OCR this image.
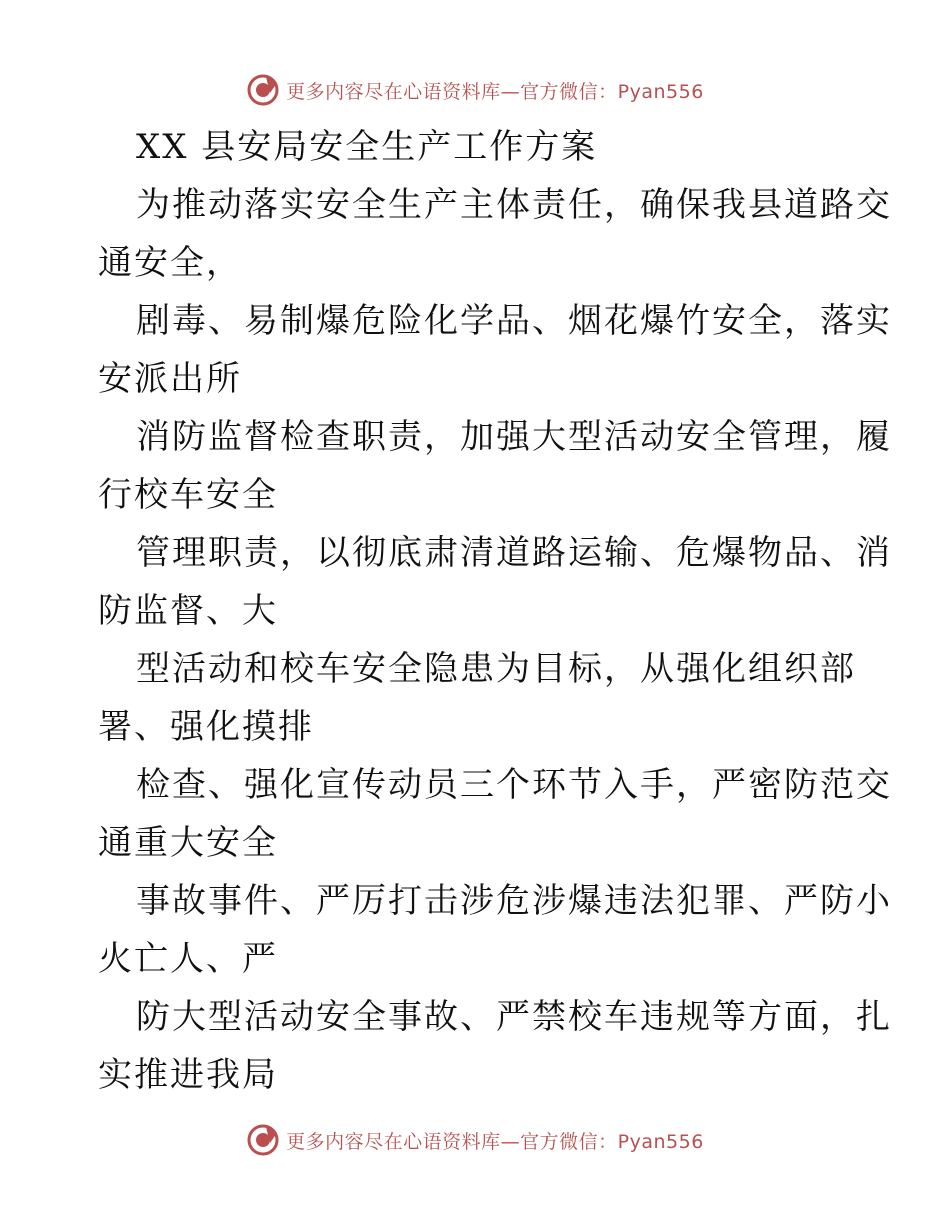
更多内容尽在心语资料库—官方微信：Pyan556
XX 县安局安全生产工作方案
为推动落实安全生产主体责任，确保我县道路交
通安全，
剧毒、易制爆危险化学品、烟花爆竹安全，落实
安派出所
消防监督检查职责，加强大型活动安全管理，履
行校车安全
管理职责，以彻底肃清道路运输、危爆物品、消
防监督、大
型活动和校车安全隐患为目标，从强化组织部
署、强化摸排
检查、强化宣传动员三个环节入手，严密防范交
通重大安全
事故事件、严厉打击涉危涉爆违法犯罪、严防小
火亡人、严
防大型活动安全事故、严禁校车违规等方面，扎
实推进我局
更多内容尽在心语资料库—官方微信：Pyan556
